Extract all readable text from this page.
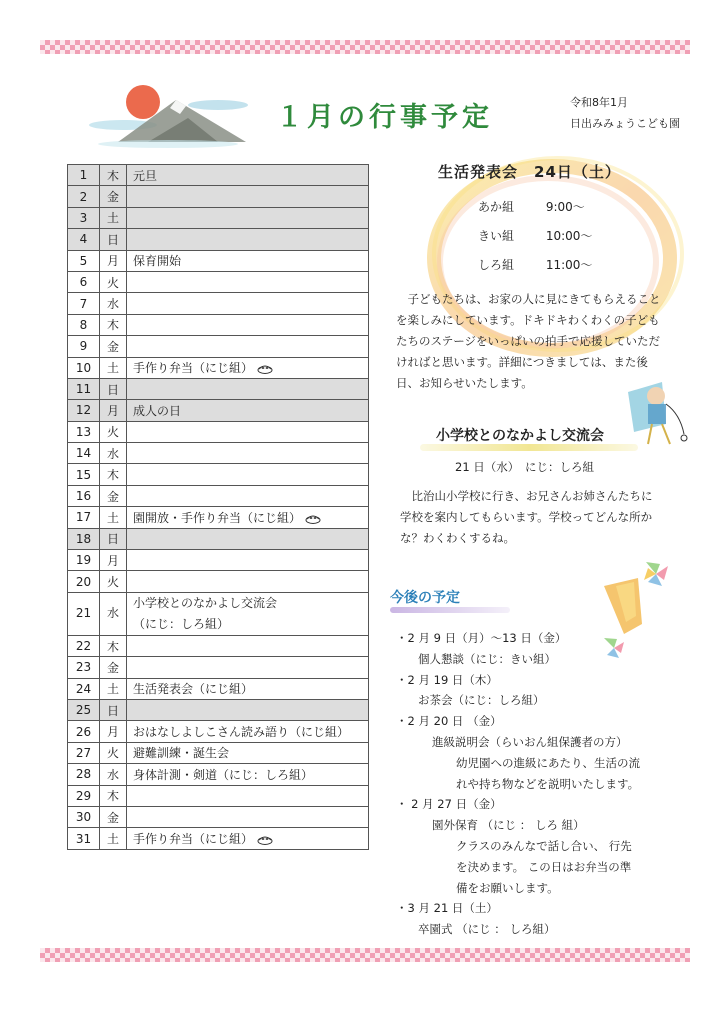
１月の行事予定	令和8年1月
日出みみょうこども園
1	木	元旦
2	金	
3	土	
4	日	
5	月	保育開始
6	火	
7	水	
8	木	
9	金	
10	土	手作り弁当（にじ組）
11	日	
12	月	成人の日
13	火	
14	水	
15	木	
16	金	
17	土	園開放・手作り弁当（にじ組）
18	日	
19	月	
20	火	
21	水	小学校とのなかよし交流会
（にじ：しろ組）
22	木	
23	金	
24	土	生活発表会（にじ組）
25	日	
26	月	おはなしよしこさん読み語り（にじ組）
27	火	避難訓練・誕生会
28	水	身体計測・剣道（にじ：しろ組）
29	木	
30	金	
31	土	手作り弁当（にじ組）
生活発表会　24日（土）
あか組	9:00～
きい組	10:00～
しろ組	11:00～
子どもたちは、お家の人に見にきてもらえることを楽しみにしています。ドキドキわくわくの子どもたちのステージをいっぱいの拍手で応援していただければと思います。詳細につきましては、また後日、お知らせいたします。
小学校とのなかよし交流会
21 日（水）　にじ：しろ組
比治山小学校に行き、お兄さんお姉さんたちに学校を案内してもらいます。学校ってどんな所かな？わくわくするね。
今後の予定
・2 月 9 日（月）～13 日（金）
個人懇談（にじ：きい組）
・2 月 19 日（木）
お茶会（にじ：しろ組）
・2 月 20 日 （金）
進級説明会（らいおん組保護者の方）
幼児園への進級にあたり、生活の流
れや持ち物などを説明いたします。
・ 2 月 27 日（金）
園外保育 （にじ ： しろ 組）
クラスのみんなで話し合い、 行先
を決めます。 この日はお弁当の準
備をお願いします。
・3 月 21 日（土）
卒園式 （にじ ： しろ組）
